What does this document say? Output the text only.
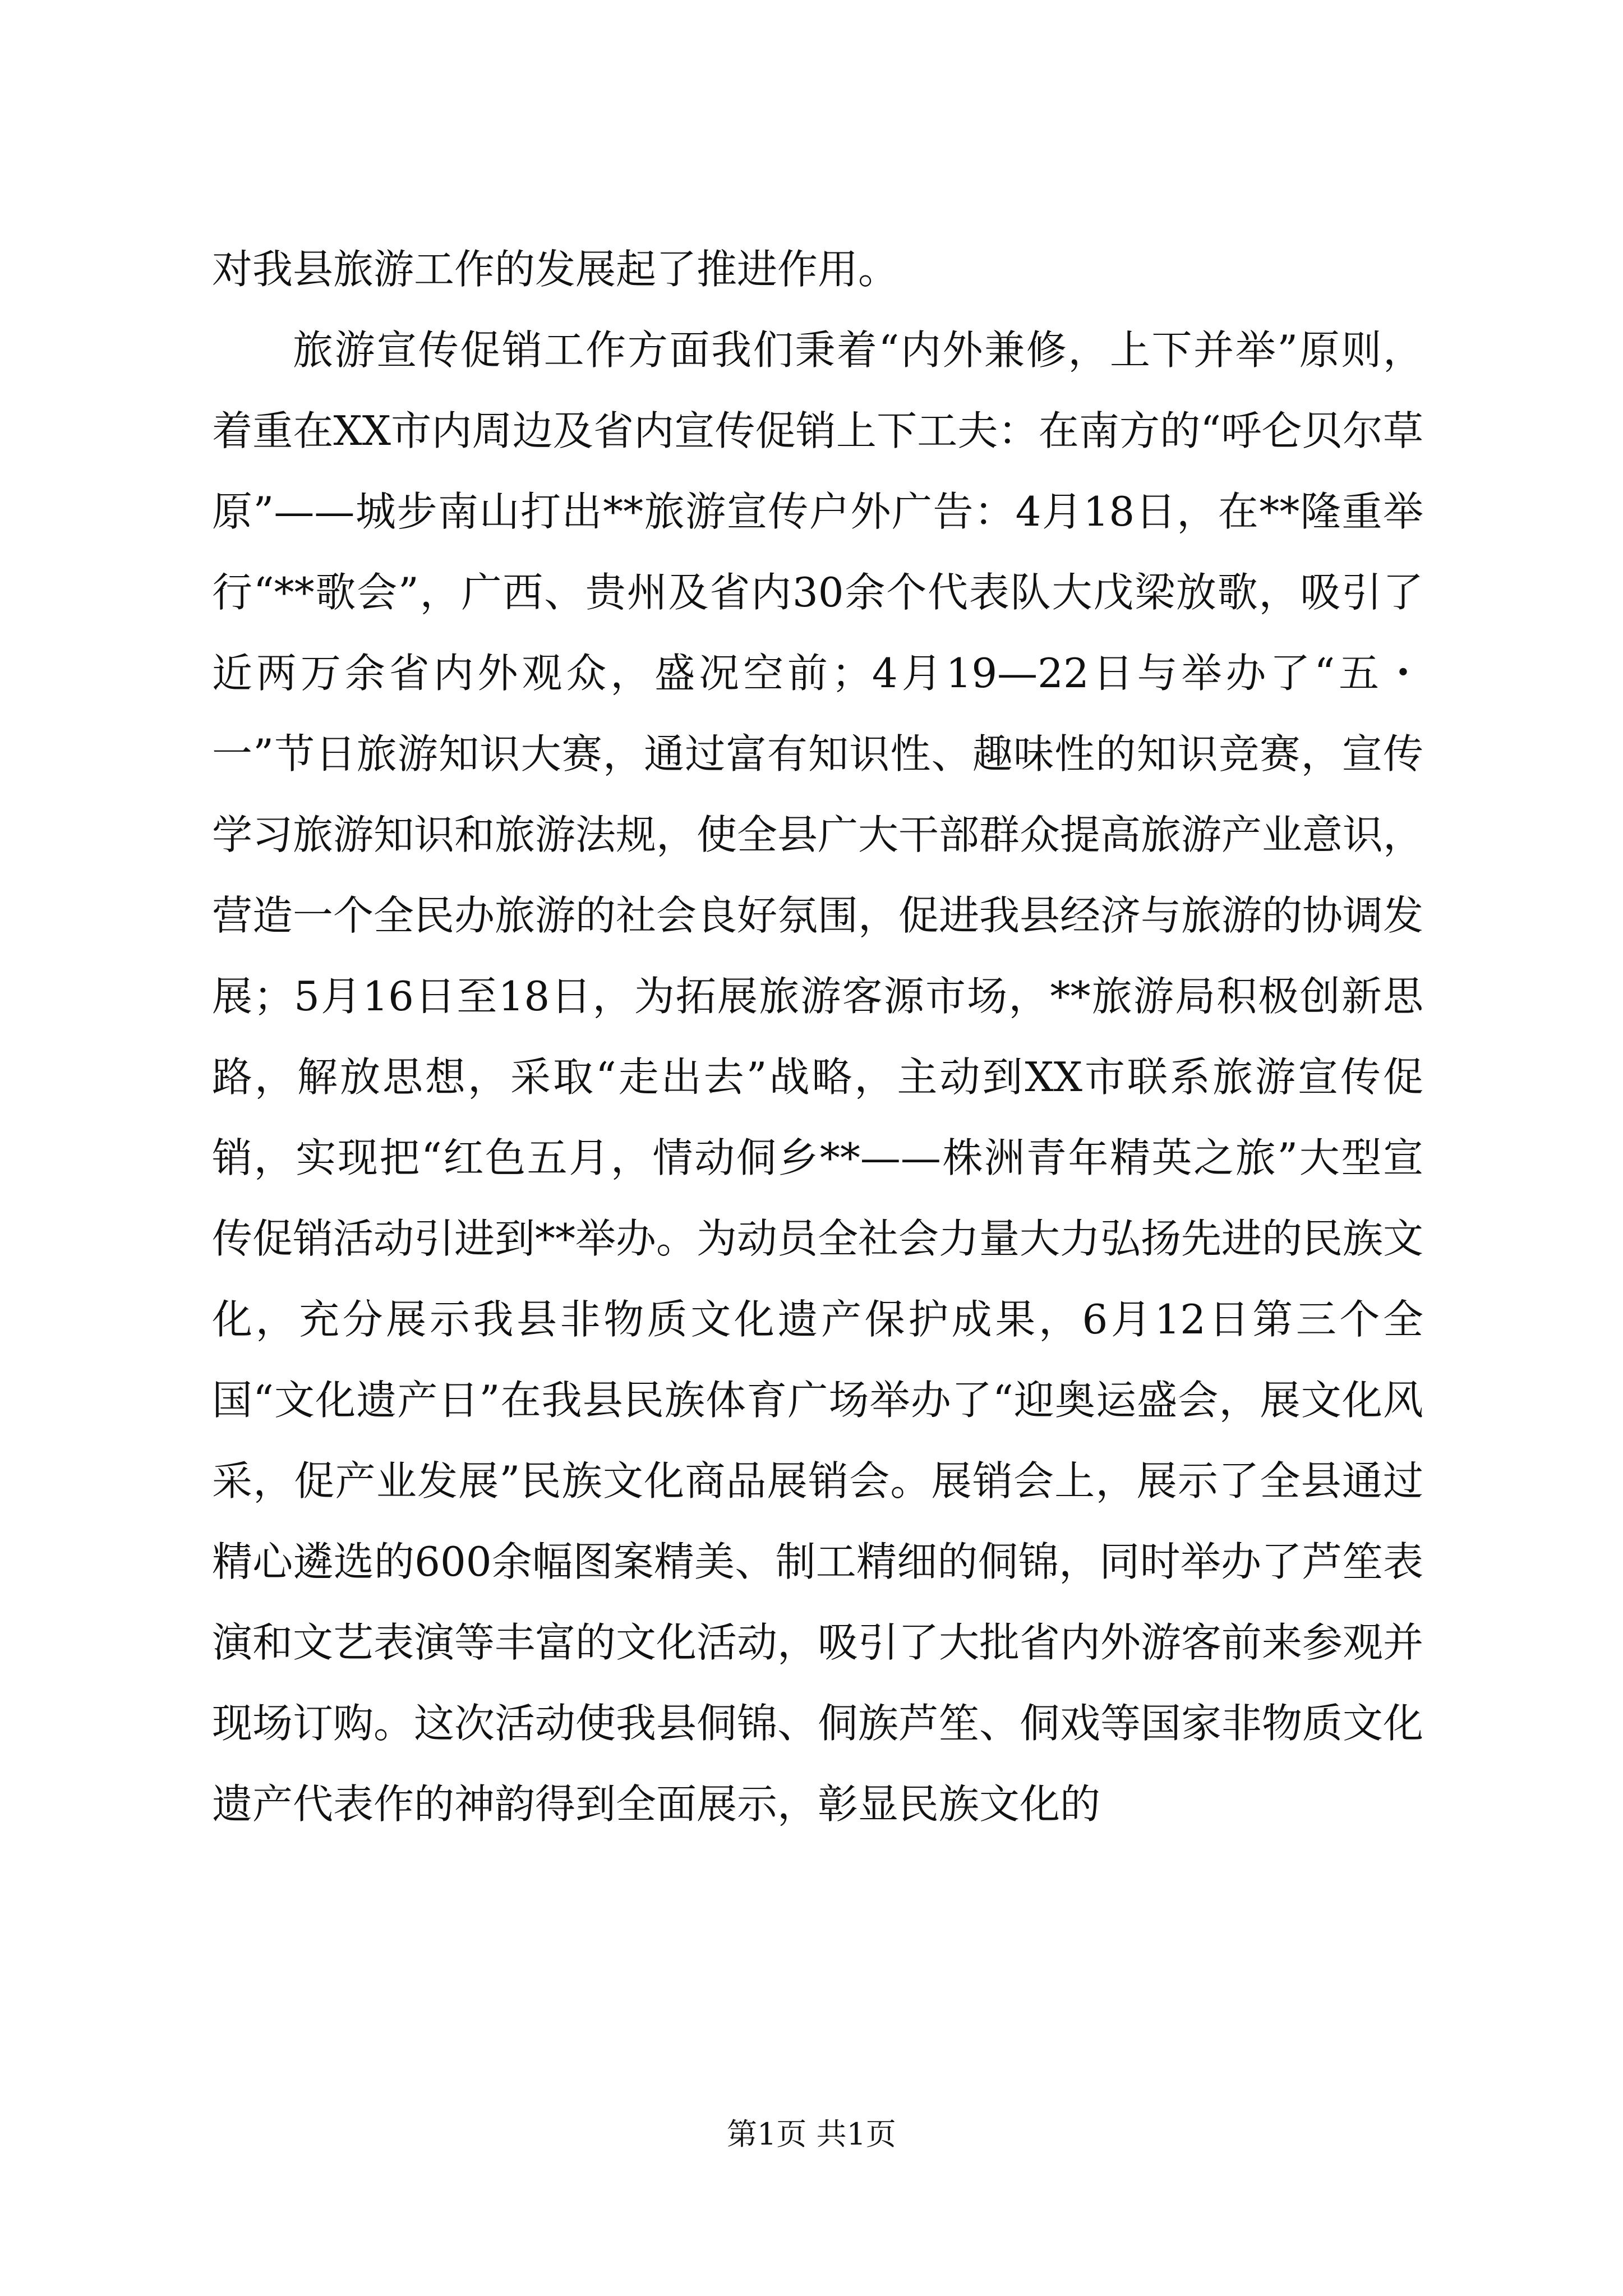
对我县旅游工作的发展起了推进作用。

旅游宣传促销工作方面我们秉着“内外兼修，上下并举”原则，着重在XX市内周边及省内宣传促销上下工夫：在南方的“呼仑贝尔草原”——城步南山打出**旅游宣传户外广告：4月18日，在**隆重举行“**歌会”，广西、贵州及省内30余个代表队大戊梁放歌，吸引了近两万余省内外观众，盛况空前；4月19—22日与举办了“五・一”节日旅游知识大赛，通过富有知识性、趣味性的知识竞赛，宣传学习旅游知识和旅游法规，使全县广大干部群众提高旅游产业意识，营造一个全民办旅游的社会良好氛围，促进我县经济与旅游的协调发展；5月16日至18日，为拓展旅游客源市场，**旅游局积极创新思路，解放思想，采取“走出去”战略，主动到XX市联系旅游宣传促销，实现把“红色五月，情动侗乡**——株洲青年精英之旅”大型宣传促销活动引进到**举办。为动员全社会力量大力弘扬先进的民族文化，充分展示我县非物质文化遗产保护成果，6月12日第三个全国“文化遗产日”在我县民族体育广场举办了“迎奥运盛会，展文化风采，促产业发展”民族文化商品展销会。展销会上，展示了全县通过精心遴选的600余幅图案精美、制工精细的侗锦，同时举办了芦笙表演和文艺表演等丰富的文化活动，吸引了大批省内外游客前来参观并现场订购。这次活动使我县侗锦、侗族芦笙、侗戏等国家非物质文化遗产代表作的神韵得到全面展示，彰显民族文化的

第1页 共1页
